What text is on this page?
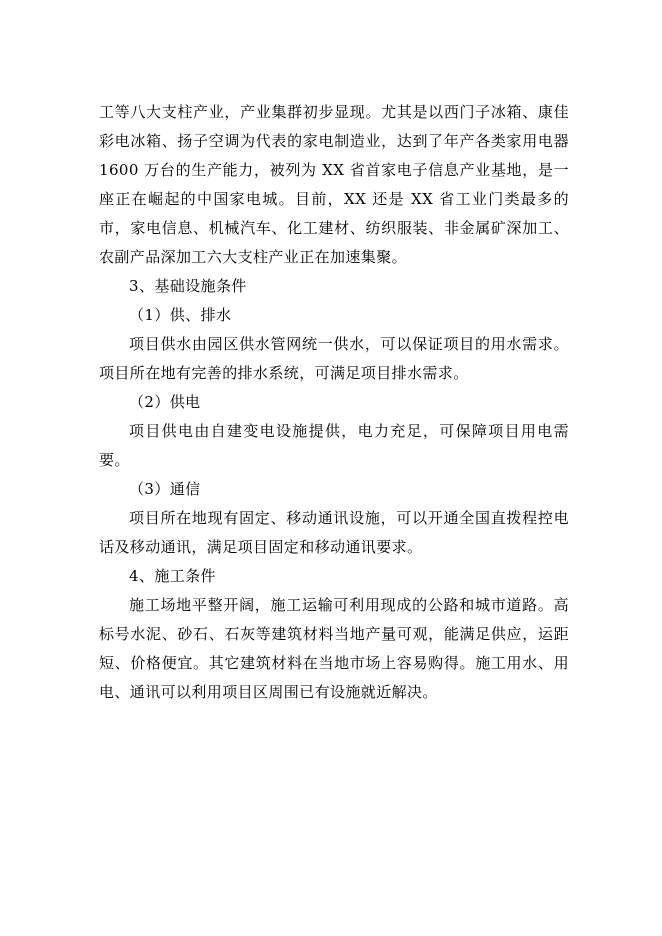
工等八大支柱产业，产业集群初步显现。尤其是以西门子冰箱、康佳彩电冰箱、扬子空调为代表的家电制造业，达到了年产各类家用电器 1600 万台的生产能力，被列为 XX 省首家电子信息产业基地，是一座正在崛起的中国家电城。目前，XX 还是 XX 省工业门类最多的市，家电信息、机械汽车、化工建材、纺织服装、非金属矿深加工、农副产品深加工六大支柱产业正在加速集聚。

3、基础设施条件

（1）供、排水

项目供水由园区供水管网统一供水，可以保证项目的用水需求。项目所在地有完善的排水系统，可满足项目排水需求。

（2）供电

项目供电由自建变电设施提供，电力充足，可保障项目用电需要。

（3）通信

项目所在地现有固定、移动通讯设施，可以开通全国直拨程控电话及移动通讯，满足项目固定和移动通讯要求。

4、施工条件

施工场地平整开阔，施工运输可利用现成的公路和城市道路。高标号水泥、砂石、石灰等建筑材料当地产量可观，能满足供应，运距短、价格便宜。其它建筑材料在当地市场上容易购得。施工用水、用电、通讯可以利用项目区周围已有设施就近解决。
